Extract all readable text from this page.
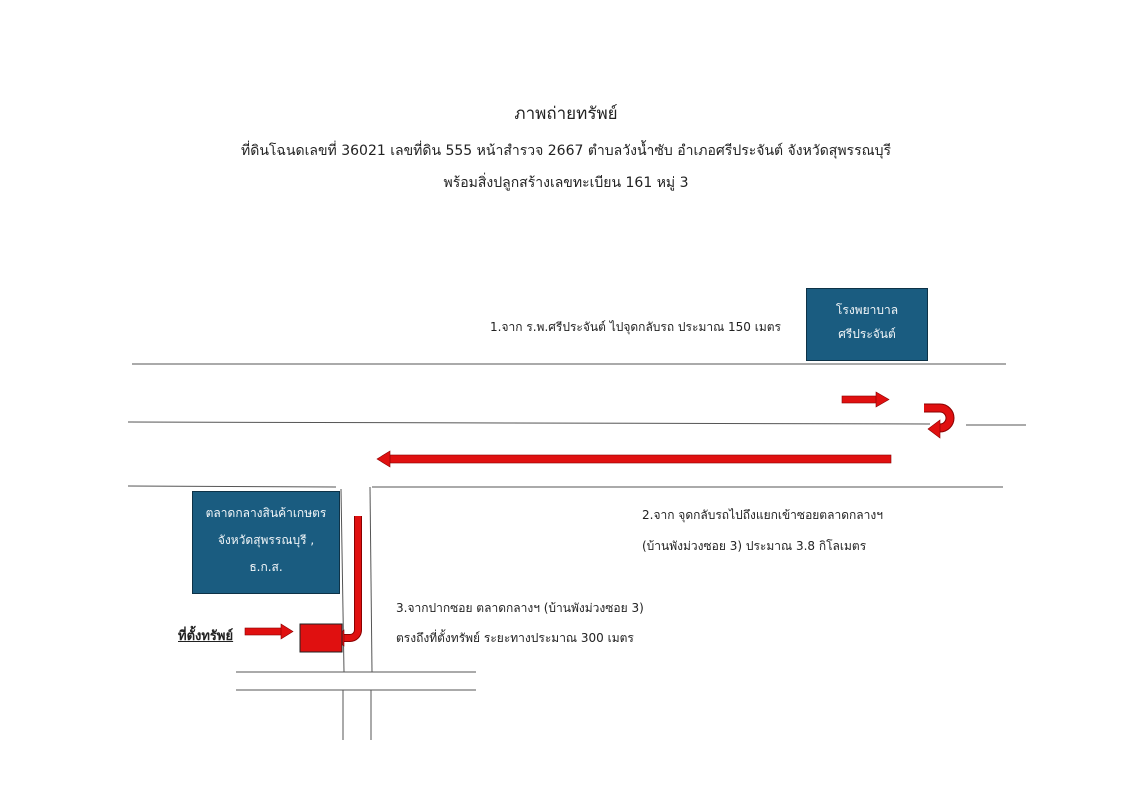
ภาพถ่ายทรัพย์
ที่ดินโฉนดเลขที่ 36021 เลขที่ดิน 555 หน้าสำรวจ 2667 ตำบลวังน้ำซับ อำเภอศรีประจันต์ จังหวัดสุพรรณบุรี
พร้อมสิ่งปลูกสร้างเลขทะเบียน 161 หมู่ 3
โรงพยาบาล
ศรีประจันต์
ตลาดกลางสินค้าเกษตร
จังหวัดสุพรรณบุรี ,
ธ.ก.ส.
1.จาก ร.พ.ศรีประจันต์ ไปจุดกลับรถ ประมาณ 150 เมตร
2.จาก จุดกลับรถไปถึงแยกเข้าซอยตลาดกลางฯ
(บ้านพังม่วงซอย 3) ประมาณ 3.8 กิโลเมตร
3.จากปากซอย ตลาดกลางฯ (บ้านพังม่วงซอย 3)
ตรงถึงที่ตั้งทรัพย์ ระยะทางประมาณ 300 เมตร
ที่ตั้งทรัพย์
